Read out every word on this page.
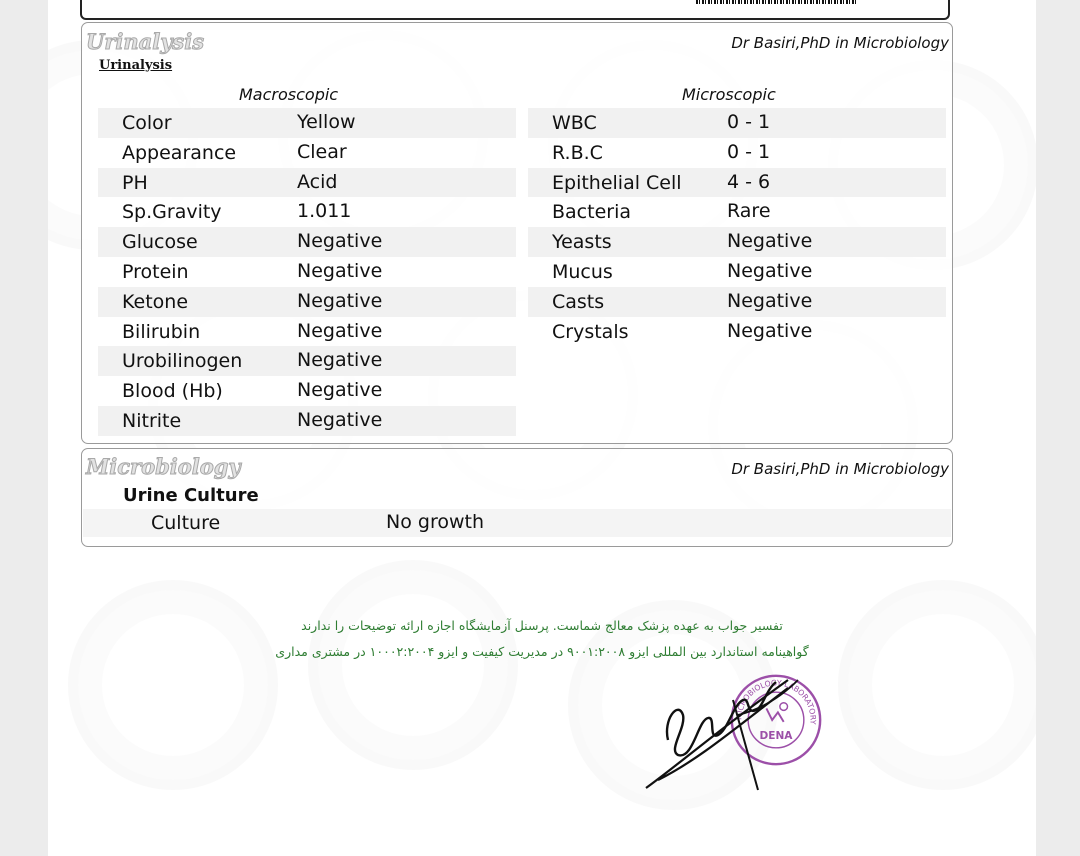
Urinalysis	Dr Basiri,PhD in Microbiology
Urinalysis
Macroscopic	Microscopic
Color	Yellow
Appearance	Clear
PH	Acid
Sp.Gravity	1.011
Glucose	Negative
Protein	Negative
Ketone	Negative
Bilirubin	Negative
Urobilinogen	Negative
Blood (Hb)	Negative
Nitrite	Negative
WBC	0 - 1
R.B.C	0 - 1
Epithelial Cell 4 - 6
Bacteria	Rare
Yeasts	Negative
Mucus	Negative
Casts	Negative
Crystals	Negative
Microbiology	Dr Basiri,PhD in Microbiology
Urine Culture
Culture	No growth
تفسیر جواب به عهده پزشک معالج شماست. پرسنل آزمایشگاه اجازه ارائه توضیحات را ندارند
گواهینامه استاندارد بین المللی ایزو ۹۰۰۱:۲۰۰۸ در مدیریت کیفیت و ایزو ۱۰۰۰۲:۲۰۰۴ در مشتری مداری
MICROBIOLOGY LABORATORY
DENA
